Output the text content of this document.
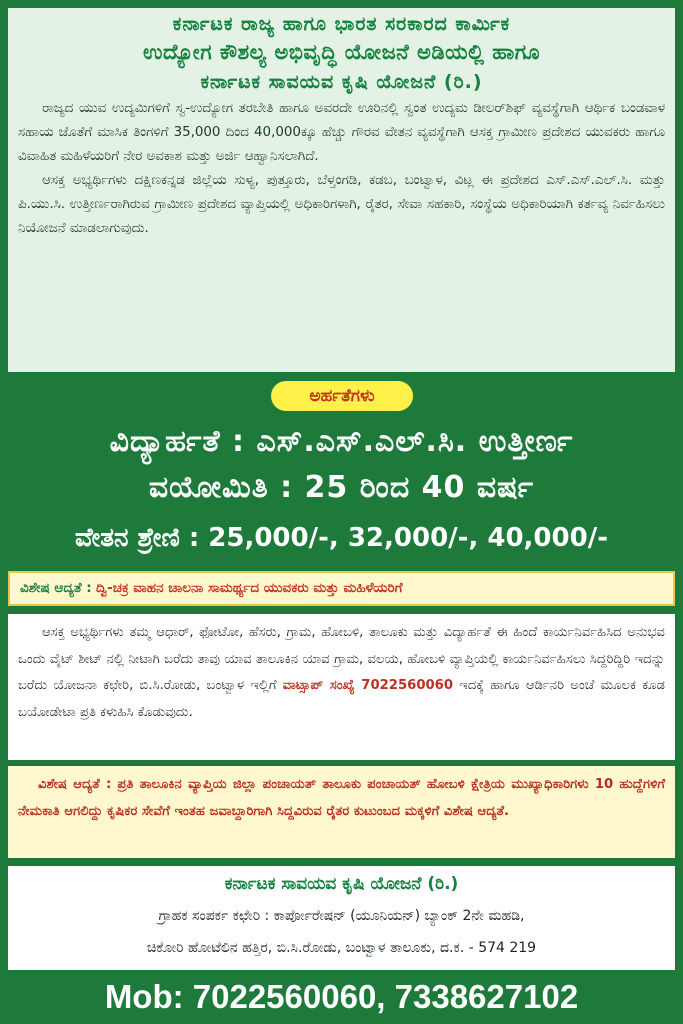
ಕರ್ನಾಟಕ ರಾಜ್ಯ ಹಾಗೂ ಭಾರತ ಸರಕಾರದ ಕಾರ್ಮಿಕ
ಉದ್ಯೋಗ ಕೌಶಲ್ಯ ಅಭಿವೃದ್ಧಿ ಯೋಜನೆ ಅಡಿಯಲ್ಲಿ ಹಾಗೂ
ಕರ್ನಾಟಕ ಸಾವಯವ ಕೃಷಿ ಯೋಜನೆ (ರಿ.)

ರಾಜ್ಯದ ಯುವ ಉದ್ಯಮಿಗಳಿಗೆ ಸ್ವ-ಉದ್ಯೋಗ ತರಬೇತಿ ಹಾಗೂ ಅವರದೇ ಊರಿನಲ್ಲಿ ಸ್ವಂತ ಉದ್ಯಮ ಡೀಲರ್‌ಶಿಫ್ ವ್ಯವಸ್ಥೆಗಾಗಿ ಆರ್ಥಿಕ ಬಂಡವಾಳ ಸಹಾಯ ಜೊತೆಗೆ ಮಾಸಿಕ ತಿಂಗಳಿಗೆ 35,000 ದಿಂದ 40,000ಕ್ಕೂ ಹೆಚ್ಚು ಗೌರವ ವೇತನ ವ್ಯವಸ್ಥೆಗಾಗಿ ಆಸಕ್ತ ಗ್ರಾಮೀಣ ಪ್ರದೇಶದ ಯುವಕರು ಹಾಗೂ ವಿವಾಹಿತ ಮಹಿಳೆಯರಿಗೆ ನೇರ ಅವಕಾಶ ಮತ್ತು ಅರ್ಜಿ ಆಹ್ವಾನಿಸಲಾಗಿದೆ.

ಆಸಕ್ತ ಅಭ್ಯರ್ಥಿಗಳು ದಕ್ಷಿಣಕನ್ನಡ ಜಿಲ್ಲೆಯ ಸುಳ್ಯ, ಪುತ್ತೂರು, ಬೆಳ್ತಂಗಡಿ, ಕಡಬ, ಬಂಟ್ವಾಳ, ವಿಟ್ಲ ಈ ಪ್ರದೇಶದ ಎಸ್.ಎಸ್.ಎಲ್.ಸಿ. ಮತ್ತು ಪಿ.ಯು.ಸಿ. ಉತ್ತೀರ್ಣರಾಗಿರುವ ಗ್ರಾಮೀಣ ಪ್ರದೇಶದ ವ್ಯಾಪ್ತಿಯಲ್ಲಿ ಅಧಿಕಾರಿಗಳಾಗಿ, ರೈತರ, ಸೇವಾ ಸಹಕಾರಿ, ಸಂಸ್ಥೆಯ ಅಧಿಕಾರಿಯಾಗಿ ಕರ್ತವ್ಯ ನಿರ್ವಹಿಸಲು ನಿಯೋಜನೆ ಮಾಡಲಾಗುವುದು.

ಅರ್ಹತೆಗಳು
ವಿದ್ಯಾರ್ಹತೆ : ಎಸ್.ಎಸ್.ಎಲ್.ಸಿ. ಉತ್ತೀರ್ಣ
ವಯೋಮಿತಿ : 25 ರಿಂದ 40 ವರ್ಷ
ವೇತನ ಶ್ರೇಣಿ : 25,000/-, 32,000/-, 40,000/-
ವಿಶೇಷ ಆದ್ಯತೆ : ದ್ವಿ-ಚಕ್ರ ವಾಹನ ಚಾಲನಾ ಸಾಮರ್ಥ್ಯದ ಯುವಕರು ಮತ್ತು ಮಹಿಳೆಯರಿಗೆ

ಆಸಕ್ತ ಅಭ್ಯರ್ಥಿಗಳು ತಮ್ಮ ಆಧಾರ್, ಫೋಟೋ, ಹೆಸರು, ಗ್ರಾಮ, ಹೋಬಳಿ, ತಾಲೂಕು ಮತ್ತು ವಿದ್ಯಾರ್ಹತೆ ಈ ಹಿಂದೆ ಕಾರ್ಯನಿರ್ವಹಿಸಿದ ಅನುಭವ ಒಂದು ವೈಟ್ ಶೀಟ್ ನಲ್ಲಿ ನೀಟಾಗಿ ಬರೆದು ತಾವು ಯಾವ ತಾಲೂಕಿನ ಯಾವ ಗ್ರಾಮ, ವಲಯ, ಹೋಬಳಿ ವ್ಯಾಪ್ತಿಯಲ್ಲಿ ಕಾರ್ಯನಿರ್ವಹಿಸಲು ಸಿದ್ದರಿದ್ದಿರಿ ಇದನ್ನು ಬರೆದು ಯೋಜನಾ ಕಛೇರಿ, ಬಿ.ಸಿ.ರೋಡು, ಬಂಟ್ವಾಳ ಇಲ್ಲಿಗೆ ವಾಟ್ಸಾಪ್ ಸಂಖ್ಯೆ 7022560060 ಇದಕ್ಕೆ ಹಾಗೂ ಆರ್ಡಿನರಿ ಅಂಚೆ ಮೂಲಕ ಕೂಡ ಬಯೋಡೇಟಾ ಪ್ರತಿ ಕಳುಹಿಸಿ ಕೊಡುವುದು.

ವಿಶೇಷ ಆದ್ಯತೆ : ಪ್ರತಿ ತಾಲೂಕಿನ ವ್ಯಾಪ್ತಿಯ ಜಿಲ್ಲಾ ಪಂಚಾಯತ್ ತಾಲೂಕು ಪಂಚಾಯತ್ ಹೋಬಳಿ ಕ್ಷೇತ್ರಿಯ ಮುಖ್ಯಾಧಿಕಾರಿಗಳು 10 ಹುದ್ದೆಗಳಿಗೆ ನೇಮಕಾತಿ ಆಗಲಿದ್ದು ಕೃಷಿಕರ ಸೇವೆಗೆ ಇಂತಹ ಜವಾಬ್ದಾರಿಗಾಗಿ ಸಿದ್ದವಿರುವ ರೈತರ ಕುಟುಂಬದ ಮಕ್ಕಳಿಗೆ ವಿಶೇಷ ಆದ್ಯತೆ.

ಕರ್ನಾಟಕ ಸಾವಯವ ಕೃಷಿ ಯೋಜನೆ (ರಿ.)
ಗ್ರಾಹಕ ಸಂಪರ್ಕ ಕಛೇರಿ : ಕಾರ್ಪೋರೇಷನ್ (ಯೂನಿಯನ್) ಬ್ಯಾಂಕ್ 2ನೇ ಮಹಡಿ,
ಚಿಕೋರಿ ಹೋಟೆಲಿನ ಹತ್ತಿರ, ಬಿ.ಸಿ.ರೋಡು, ಬಂಟ್ವಾಳ ತಾಲೂಕು, ದ.ಕ. - 574 219
Mob: 7022560060, 7338627102
